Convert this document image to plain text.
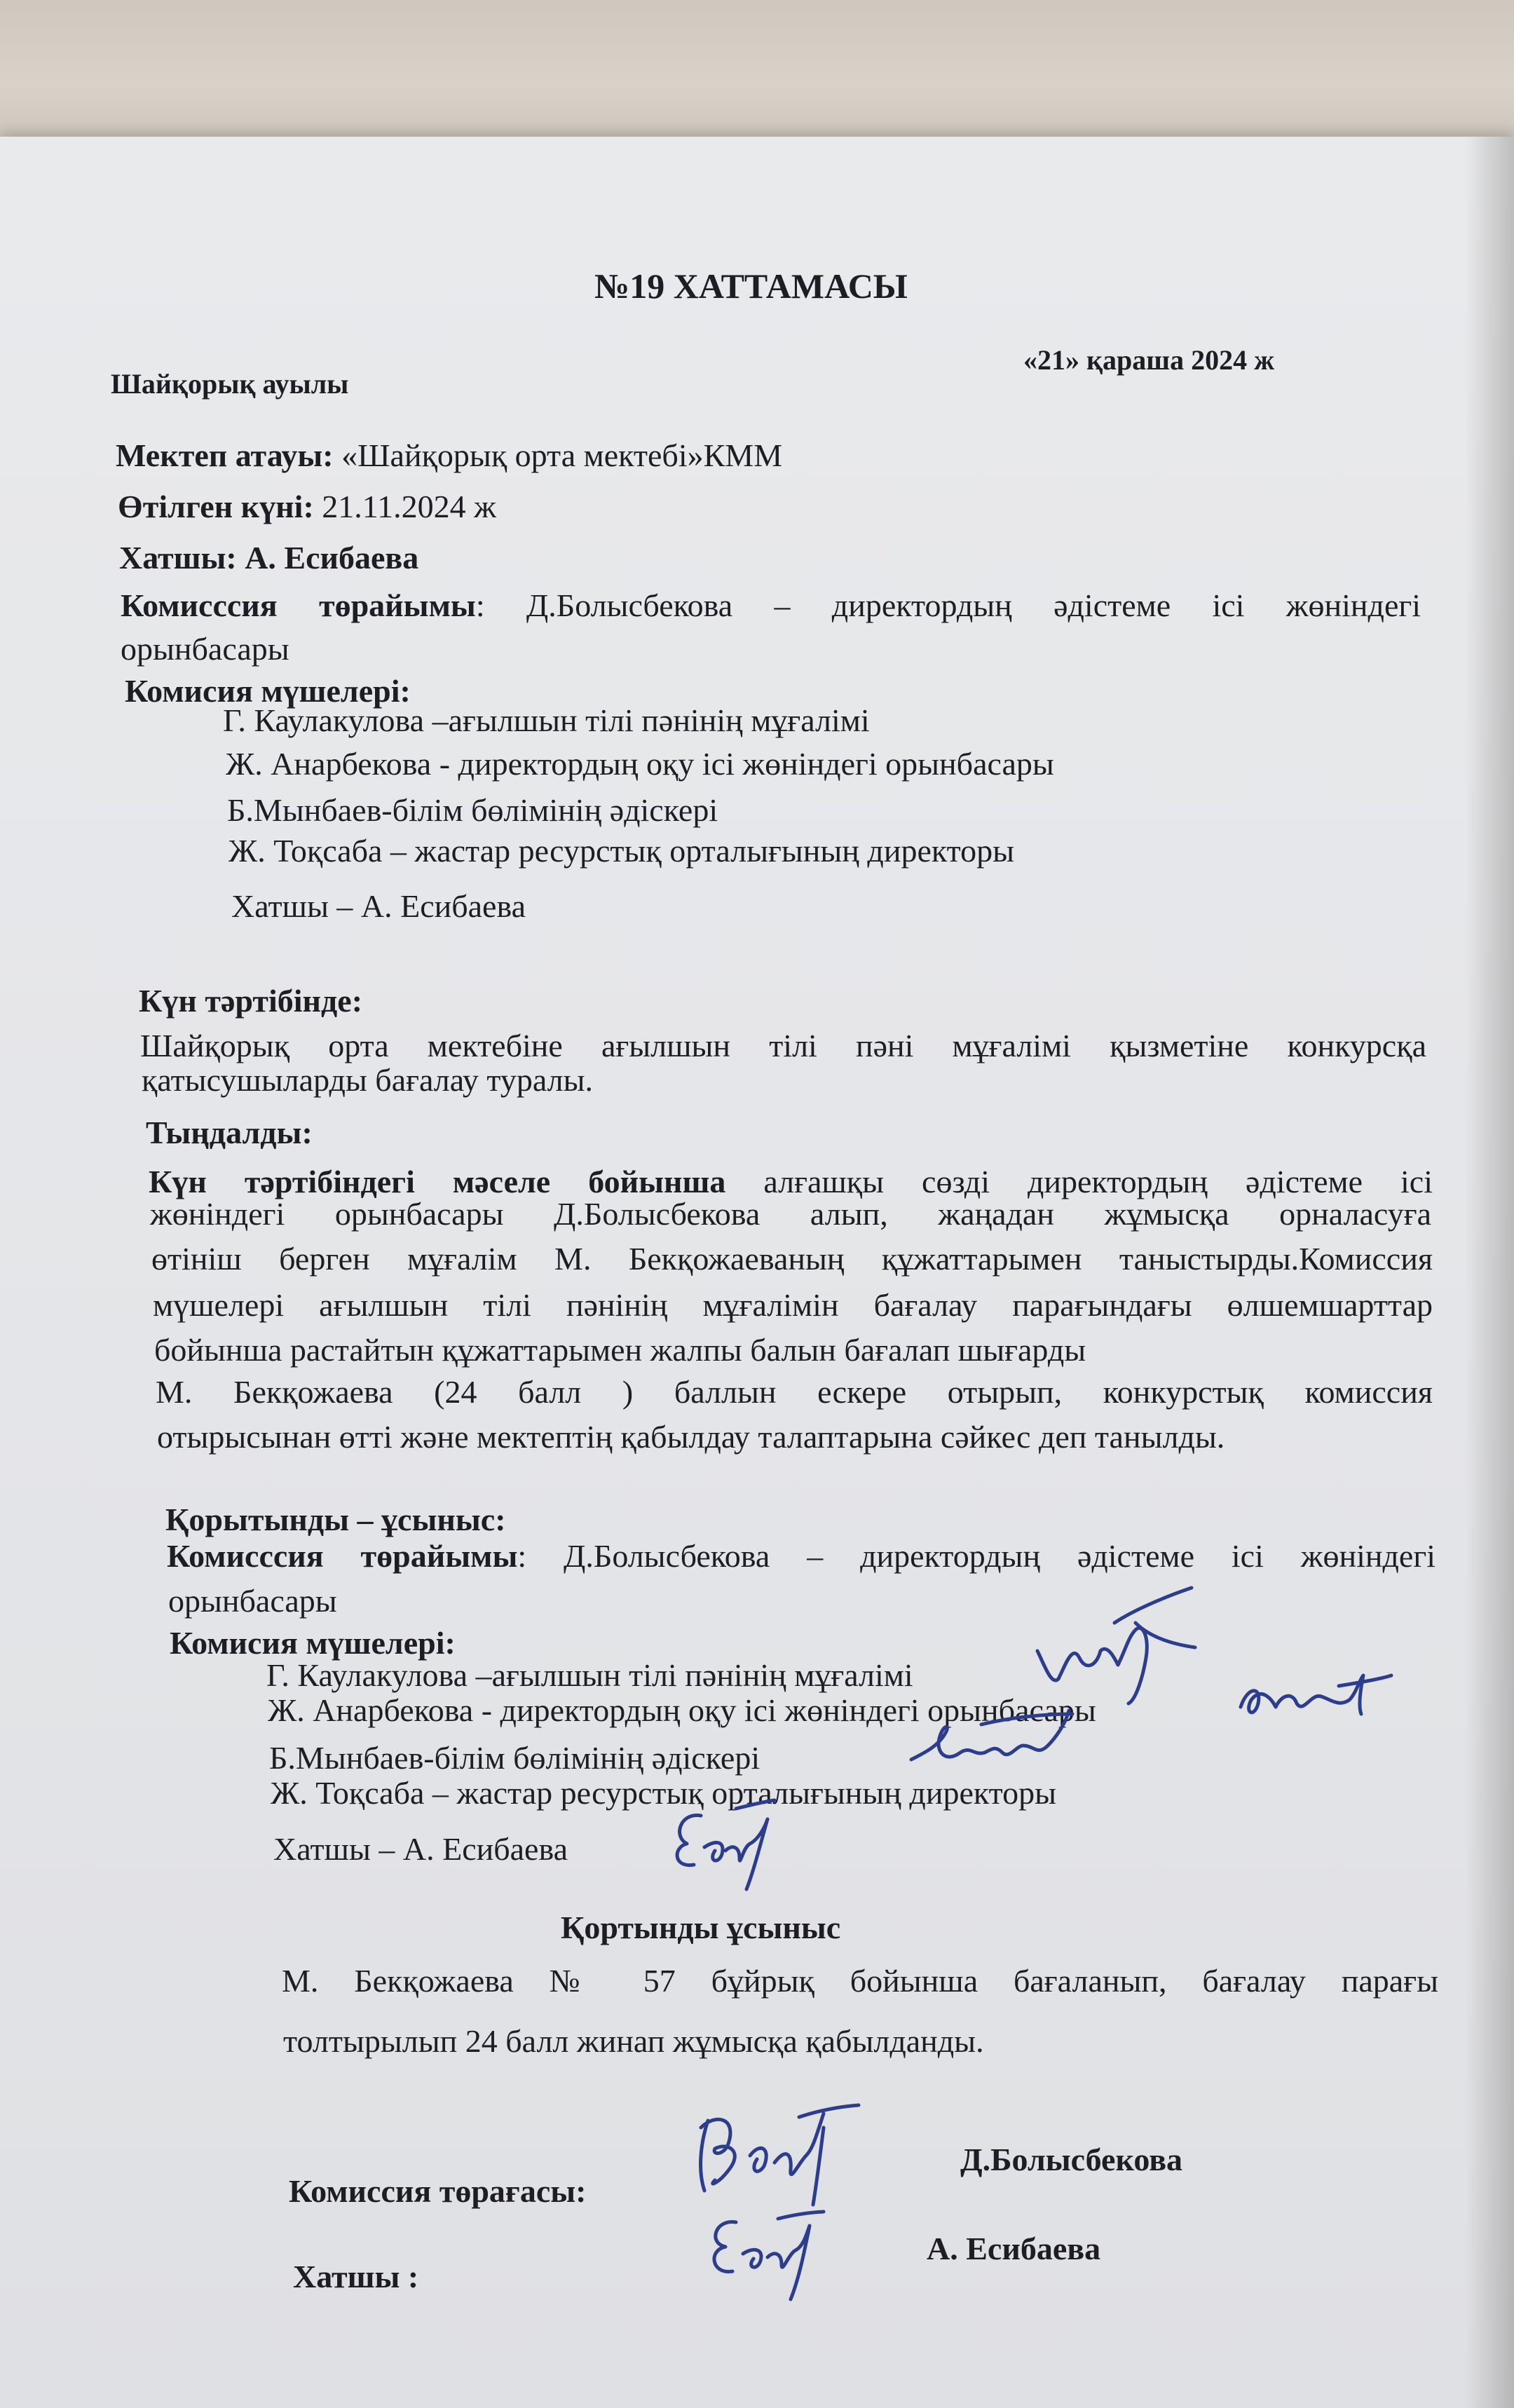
№19 ХАТТАМАСЫ
Шайқорық ауылы
«21» қараша 2024 ж
Мектеп атауы: «Шайқорық орта мектебі»КММ
Өтілген күні: 21.11.2024 ж
Хатшы: А. Есибаева
Комисссия төрайымы: Д.Болысбекова – директордың әдістеме ісі жөніндегі
орынбасары
Комисия мүшелері:
Г. Каулакулова –ағылшын тілі пәнінің мұғалімі
Ж. Анарбекова - директордың оқу ісі жөніндегі орынбасары
Б.Мынбаев-білім бөлімінің әдіскері
Ж. Тоқсаба – жастар ресурстық орталығының директоры
Хатшы – А. Есибаева
Күн тәртібінде:
Шайқорық орта мектебіне ағылшын тілі пәні мұғалімі қызметіне конкурсқа
қатысушыларды бағалау туралы.
Тыңдалды:
Күн тәртібіндегі мәселе бойынша алғашқы сөзді директордың әдістеме ісі
жөніндегі орынбасары Д.Болысбекова алып, жаңадан жұмысқа орналасуға
өтініш берген мұғалім М. Бекқожаеваның құжаттарымен таныстырды.Комиссия
мүшелері ағылшын тілі пәнінің мұғалімін бағалау парағындағы өлшемшарттар
бойынша растайтын құжаттарымен жалпы балын бағалап шығарды
М. Бекқожаева (24 балл ) баллын ескере отырып, конкурстық комиссия
отырысынан өтті және мектептің қабылдау талаптарына сәйкес деп танылды.
Қорытынды – ұсыныс:
Комисссия төрайымы: Д.Болысбекова – директордың әдістеме ісі жөніндегі
орынбасары
Комисия мүшелері:
Г. Каулакулова –ағылшын тілі пәнінің мұғалімі
Ж. Анарбекова - директордың оқу ісі жөніндегі орынбасары
Б.Мынбаев-білім бөлімінің әдіскері
Ж. Тоқсаба – жастар ресурстық орталығының директоры
Хатшы – А. Есибаева
Қортынды ұсыныс
М. Бекқожаева № 57 бұйрық бойынша бағаланып, бағалау парағы
толтырылып 24 балл жинап жұмысқа қабылданды.
Комиссия төрағасы:
Д.Болысбекова
Хатшы :
А. Есибаева
